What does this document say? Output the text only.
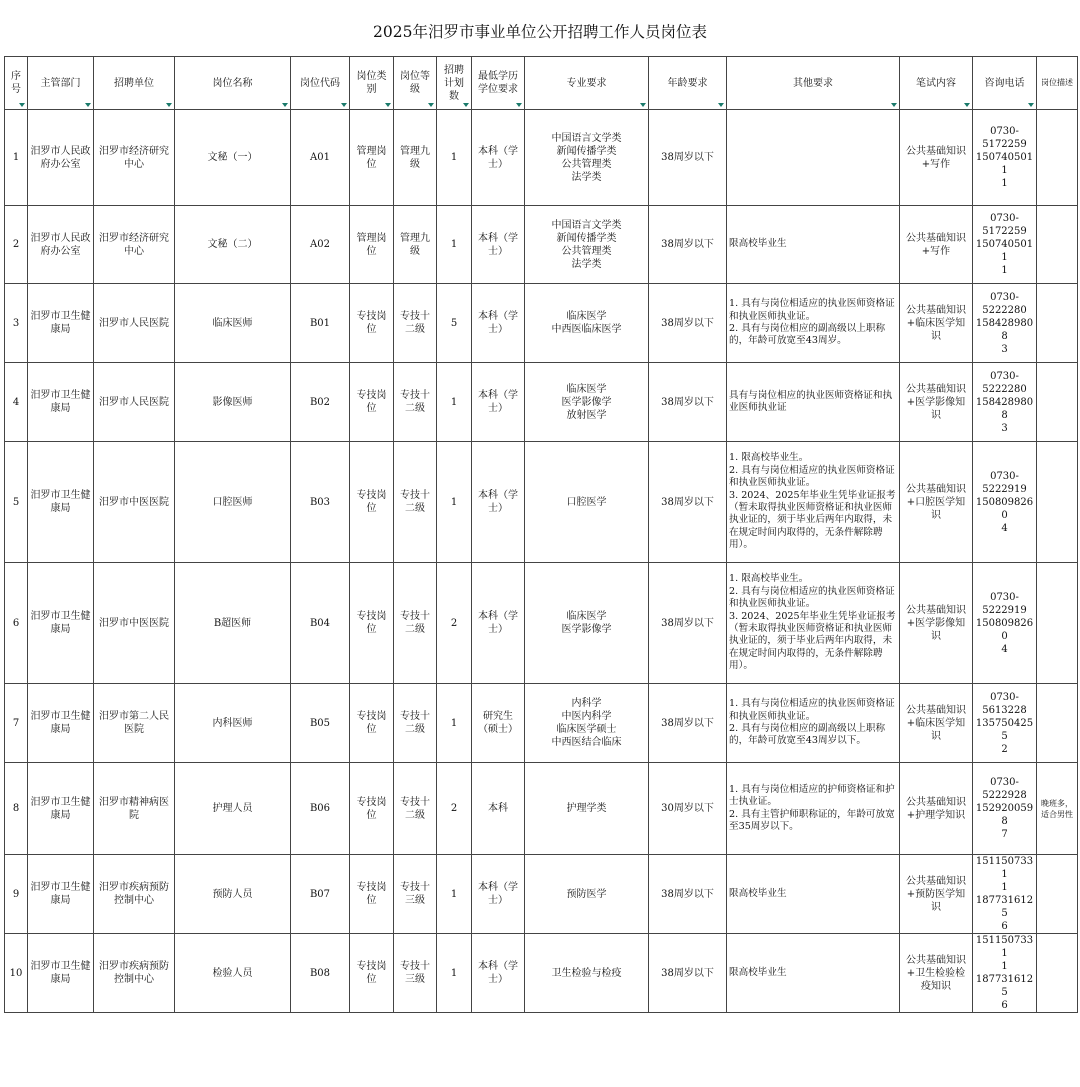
2025年汨罗市事业单位公开招聘工作人员岗位表
序号	主管部门	招聘单位	岗位名称	岗位代码	岗位类别	岗位等级	招聘计划数	最低学历学位要求	专业要求	年龄要求	其他要求	笔试内容	咨询电话	岗位描述
1	汨罗市人民政府办公室	汨罗市经济研究中心	文秘（一）	A01	管理岗位	管理九级	1	本科（学士）	中国语言文学类
新闻传播学类
公共管理类
法学类	38周岁以下		公共基础知识+写作	0730-
5172259
1507405011
1	

2	汨罗市人民政府办公室	汨罗市经济研究中心	文秘（二）	A02	管理岗位	管理九级	1	本科（学士）	中国语言文学类
新闻传播学类
公共管理类
法学类	38周岁以下	限高校毕业生	公共基础知识+写作	0730-
5172259
1507405011
1	

3	汨罗市卫生健康局	汨罗市人民医院	临床医师	B01	专技岗位	专技十二级	5	本科（学士）	临床医学
中西医临床医学	38周岁以下	1. 具有与岗位相适应的执业医师资格证和执业医师执业证。
2. 具有与岗位相应的副高级以上职称的，年龄可放宽至43周岁。	公共基础知识+临床医学知识	0730-
5222280
1584289808
3	

4	汨罗市卫生健康局	汨罗市人民医院	影像医师	B02	专技岗位	专技十二级	1	本科（学士）	临床医学
医学影像学
放射医学	38周岁以下	具有与岗位相应的执业医师资格证和执业医师执业证	公共基础知识+医学影像知识	0730-
5222280
1584289808
3	

5	汨罗市卫生健康局	汨罗市中医医院	口腔医师	B03	专技岗位	专技十二级	1	本科（学士）	口腔医学	38周岁以下	1. 限高校毕业生。
2. 具有与岗位相适应的执业医师资格证和执业医师执业证。
3. 2024、2025年毕业生凭毕业证报考（暂未取得执业医师资格证和执业医师执业证的，须于毕业后两年内取得，未在规定时间内取得的，无条件解除聘用）。	公共基础知识+口腔医学知识	0730-
5222919
1508098260
4	

6	汨罗市卫生健康局	汨罗市中医医院	B超医师	B04	专技岗位	专技十二级	2	本科（学士）	临床医学
医学影像学	38周岁以下	1. 限高校毕业生。
2. 具有与岗位相适应的执业医师资格证和执业医师执业证。
3. 2024、2025年毕业生凭毕业证报考（暂未取得执业医师资格证和执业医师执业证的，须于毕业后两年内取得，未在规定时间内取得的，无条件解除聘用）。	公共基础知识+医学影像知识	0730-
5222919
1508098260
4	

7	汨罗市卫生健康局	汨罗市第二人民医院	内科医师	B05	专技岗位	专技十二级	1	研究生（硕士）	内科学
中医内科学
临床医学硕士
中西医结合临床	38周岁以下	1. 具有与岗位相适应的执业医师资格证和执业医师执业证。
2. 具有与岗位相应的副高级以上职称的，年龄可放宽至43周岁以下。	公共基础知识+临床医学知识	0730-
5613228
1357504255
2	

8	汨罗市卫生健康局	汨罗市精神病医院	护理人员	B06	专技岗位	专技十二级	2	本科	护理学类	30周岁以下	1. 具有与岗位相适应的护师资格证和护士执业证。
2. 具有主管护师职称证的，年龄可放宽至35周岁以下。	公共基础知识+护理学知识	0730-
5222928
1529200598
7	晚班多，适合男性
9	汨罗市卫生健康局	汨罗市疾病预防控制中心	预防人员	B07	专技岗位	专技十三级	1	本科（学士）	预防医学	38周岁以下	限高校毕业生	公共基础知识+预防医学知识	1511507331
1
1877316125
6	

10	汨罗市卫生健康局	汨罗市疾病预防控制中心	检验人员	B08	专技岗位	专技十三级	1	本科（学士）	卫生检验与检疫	38周岁以下	限高校毕业生	公共基础知识+卫生检验检疫知识	1511507331
1
1877316125
6	
